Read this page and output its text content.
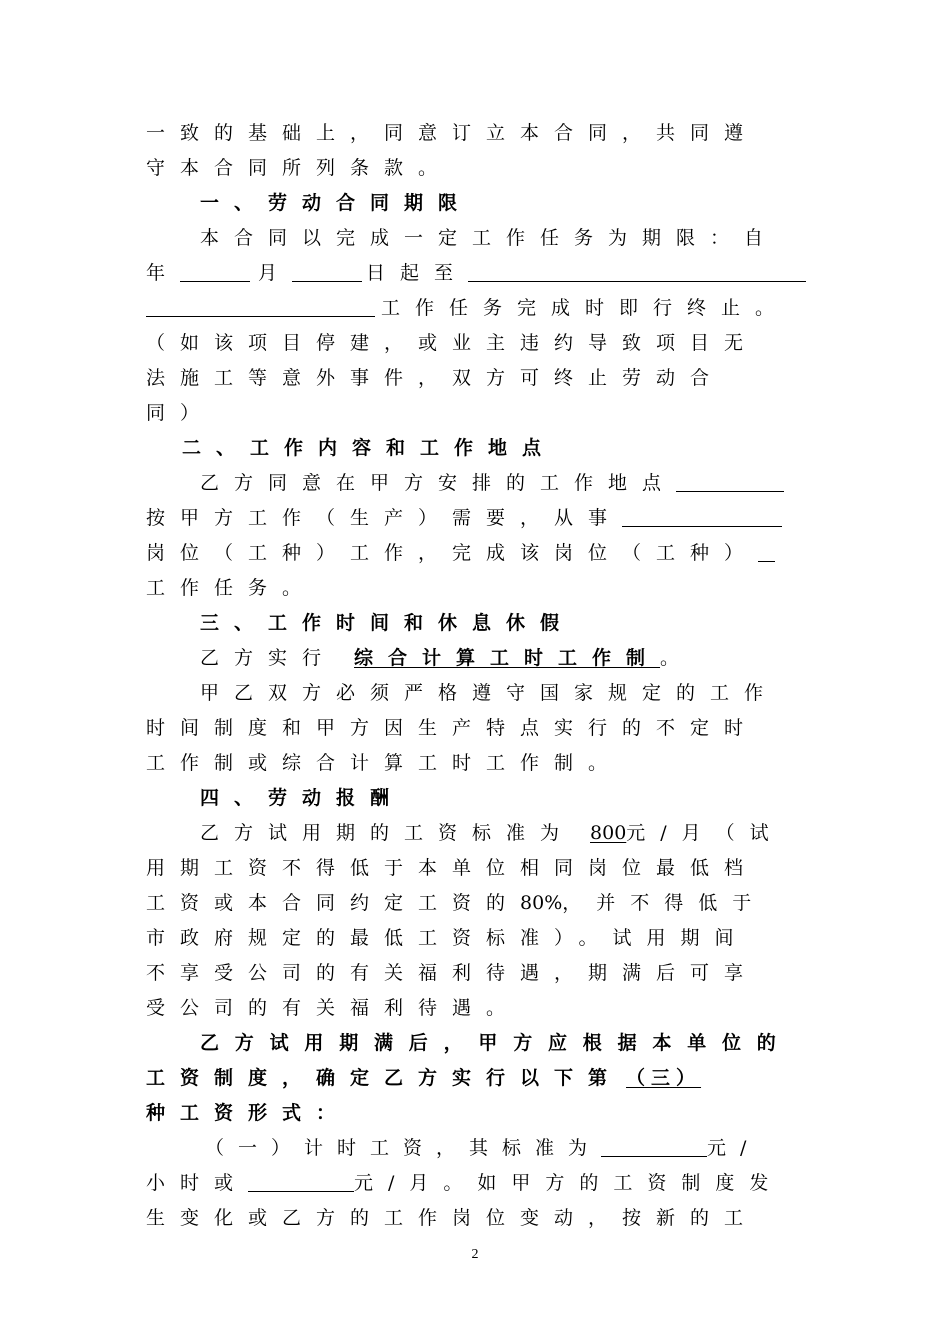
一致的基础上，同意订立本合同，共同遵
守本合同所列条款。
一、劳动合同期限
本合同以完成一定工作任务为期限：自
年	月	日起至
工作任务完成时即行终止。
（如该项目停建，或业主违约导致项目无
法施工等意外事件，双方可终止劳动合
同）
二、工作内容和工作地点
乙方同意在甲方安排的工作地点
按甲方工作（生产）需要，从事
岗位（工种）工作，完成该岗位（工种）
工作任务。
三、工作时间和休息休假
乙方实行 综合计算工时工作制。
甲乙双方必须严格遵守国家规定的工作
时间制度和甲方因生产特点实行的不定时
工作制或综合计算工时工作制。
四、劳动报酬
乙方试用期的工资标准为 800元/月（试
用期工资不得低于本单位相同岗位最低档
工资或本合同约定工资的80%，并不得低于
市政府规定的最低工资标准）。试用期间
不享受公司的有关福利待遇，期满后可享
受公司的有关福利待遇。
乙方试用期满后，甲方应根据本单位的
工资制度，确定乙方实行以下第 （三）
种工资形式：
（一）计时工资，其标准为	元/
小时或	元/月。如甲方的工资制度发
生变化或乙方的工作岗位变动，按新的工
2
